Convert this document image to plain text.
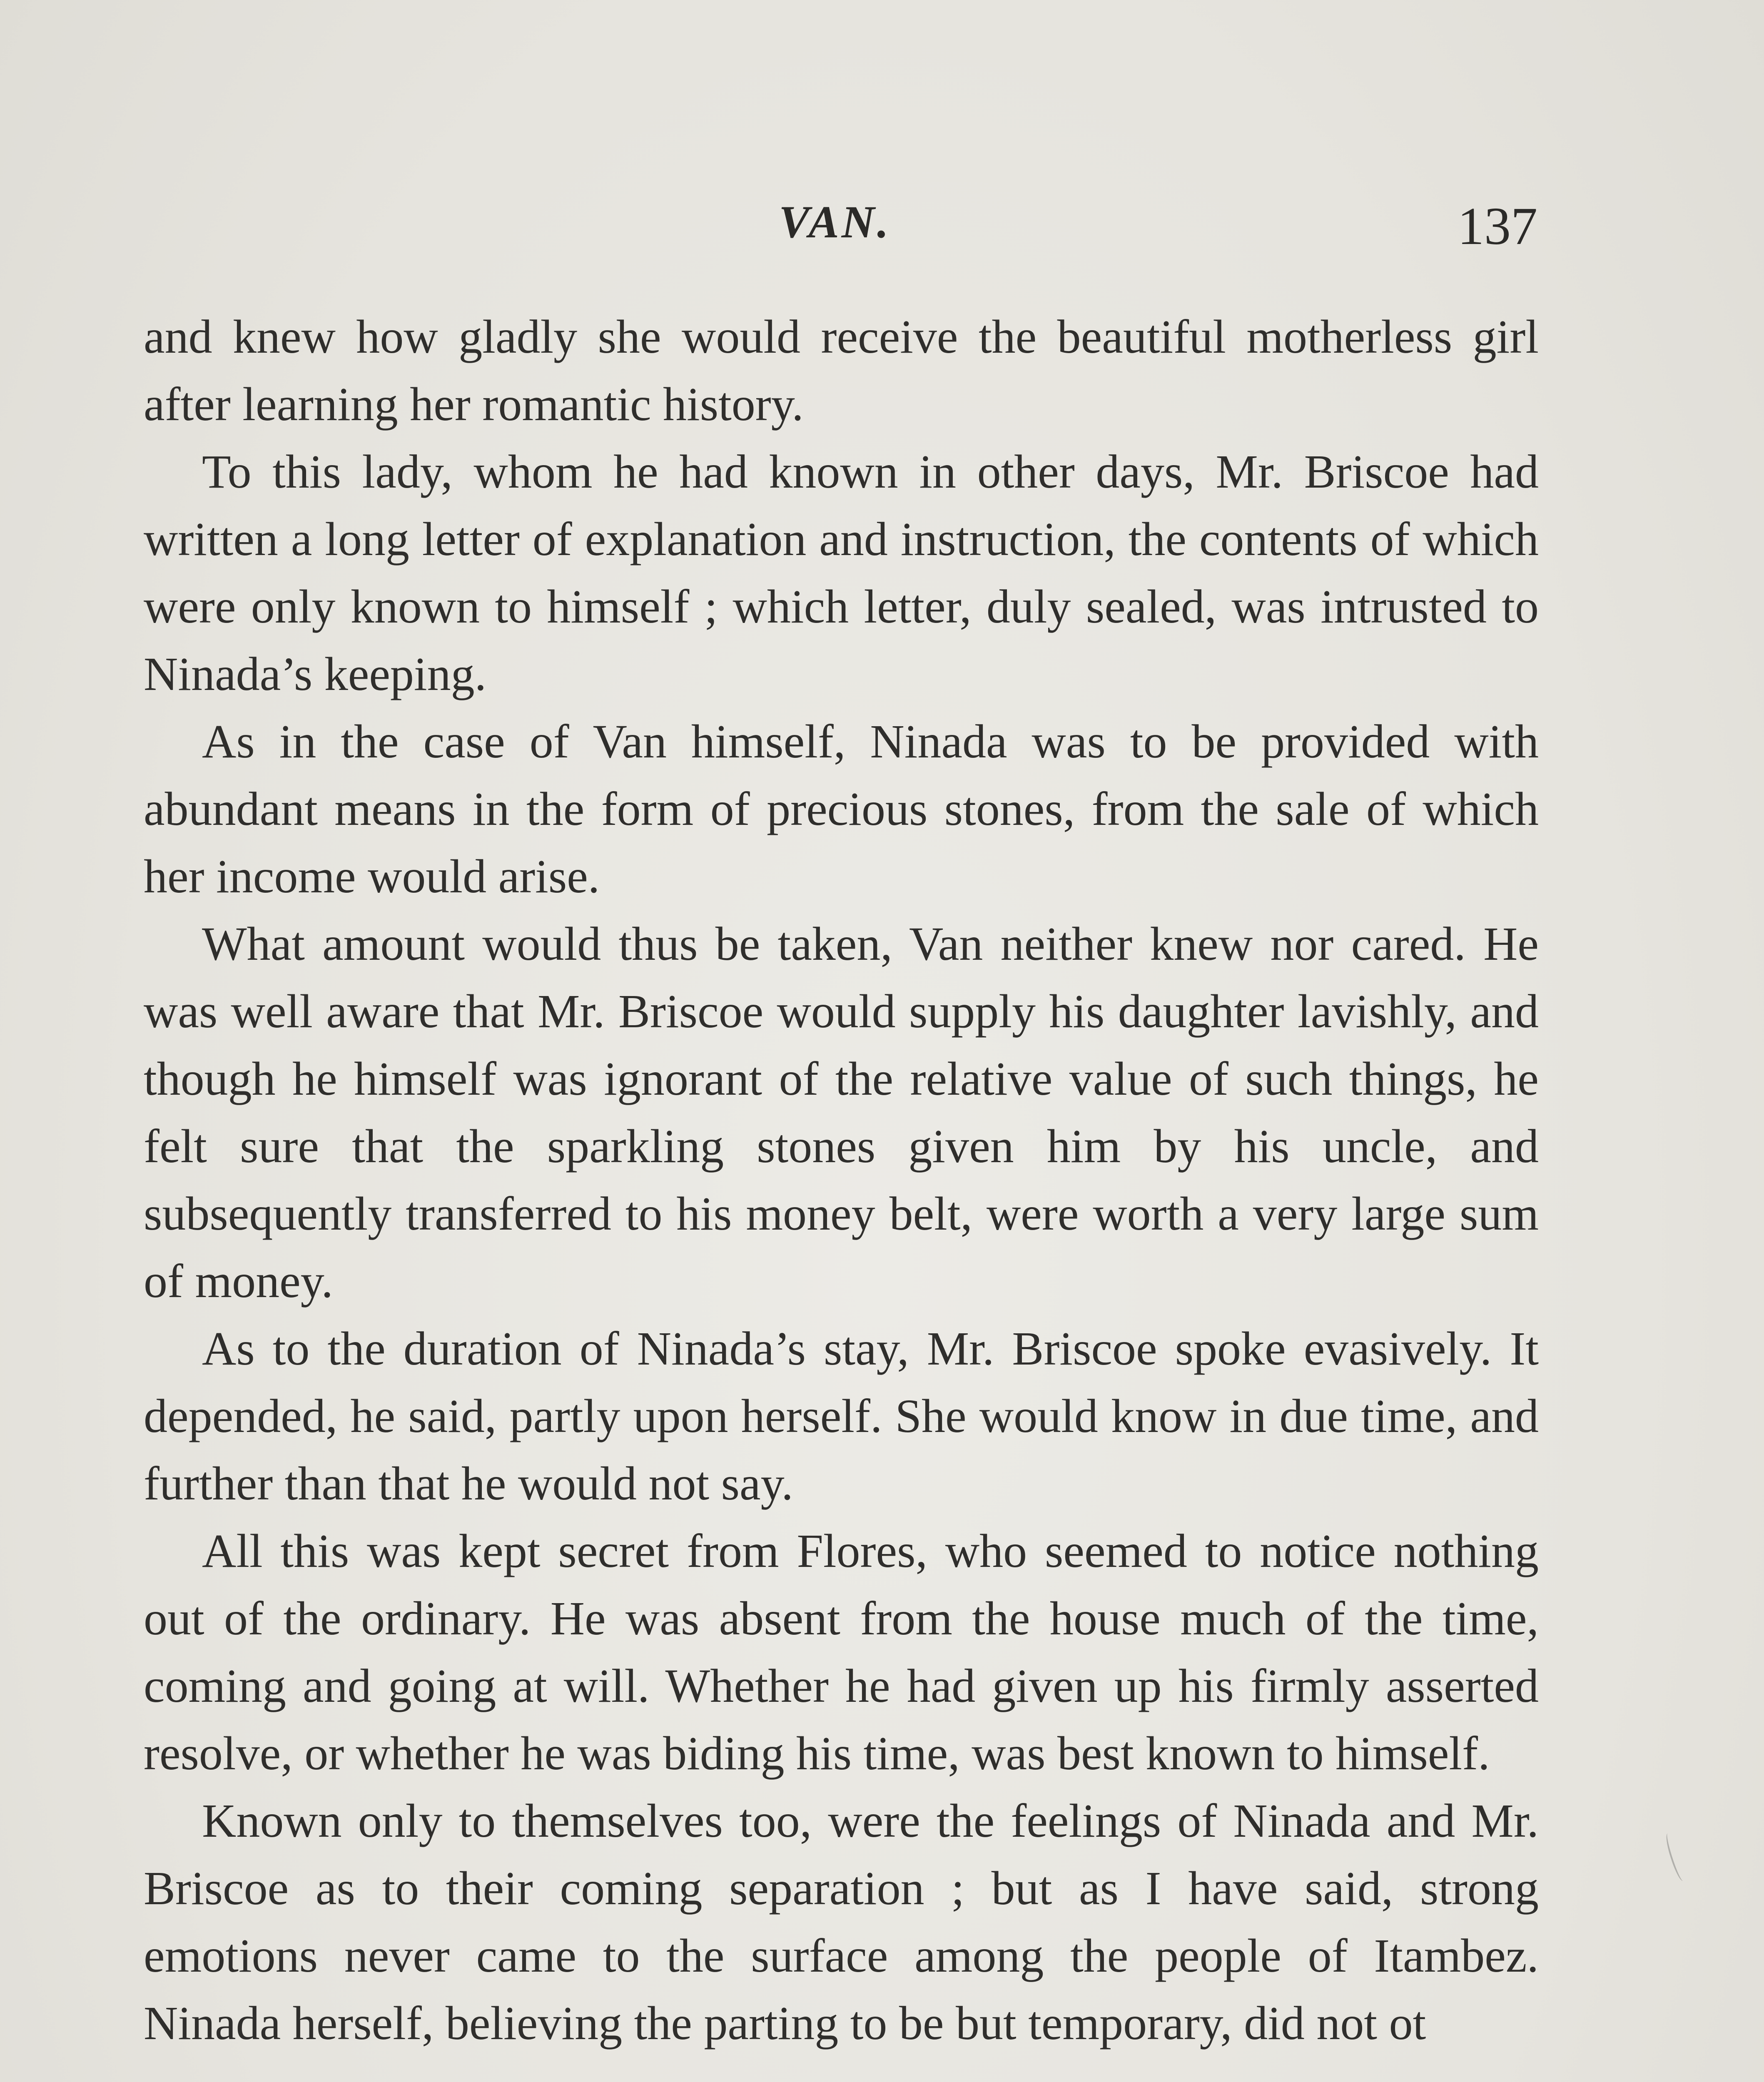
VAN.	137

and knew how gladly she would receive the beautiful motherless girl after learning her romantic history.

To this lady, whom he had known in other days, Mr. Briscoe had written a long letter of explanation and instruction, the contents of which were only known to himself ; which letter, duly sealed, was intrusted to Ninada’s keeping.

As in the case of Van himself, Ninada was to be provided with abundant means in the form of precious stones, from the sale of which her income would arise.

What amount would thus be taken, Van neither knew nor cared. He was well aware that Mr. Briscoe would supply his daughter lavishly, and though he himself was ignorant of the relative value of such things, he felt sure that the sparkling stones given him by his uncle, and subsequently transferred to his money belt, were worth a very large sum of money.

As to the duration of Ninada’s stay, Mr. Briscoe spoke evasively. It depended, he said, partly upon herself. She would know in due time, and further than that he would not say.

All this was kept secret from Flores, who seemed to notice nothing out of the ordinary. He was absent from the house much of the time, coming and going at will. Whether he had given up his firmly asserted resolve, or whether he was biding his time, was best known to himself.

Known only to themselves too, were the feelings of Ninada and Mr. Briscoe as to their coming separation ; but as I have said, strong emotions never came to the surface among the people of Itambez. Ninada herself, believing the parting to be but temporary, did not ot
